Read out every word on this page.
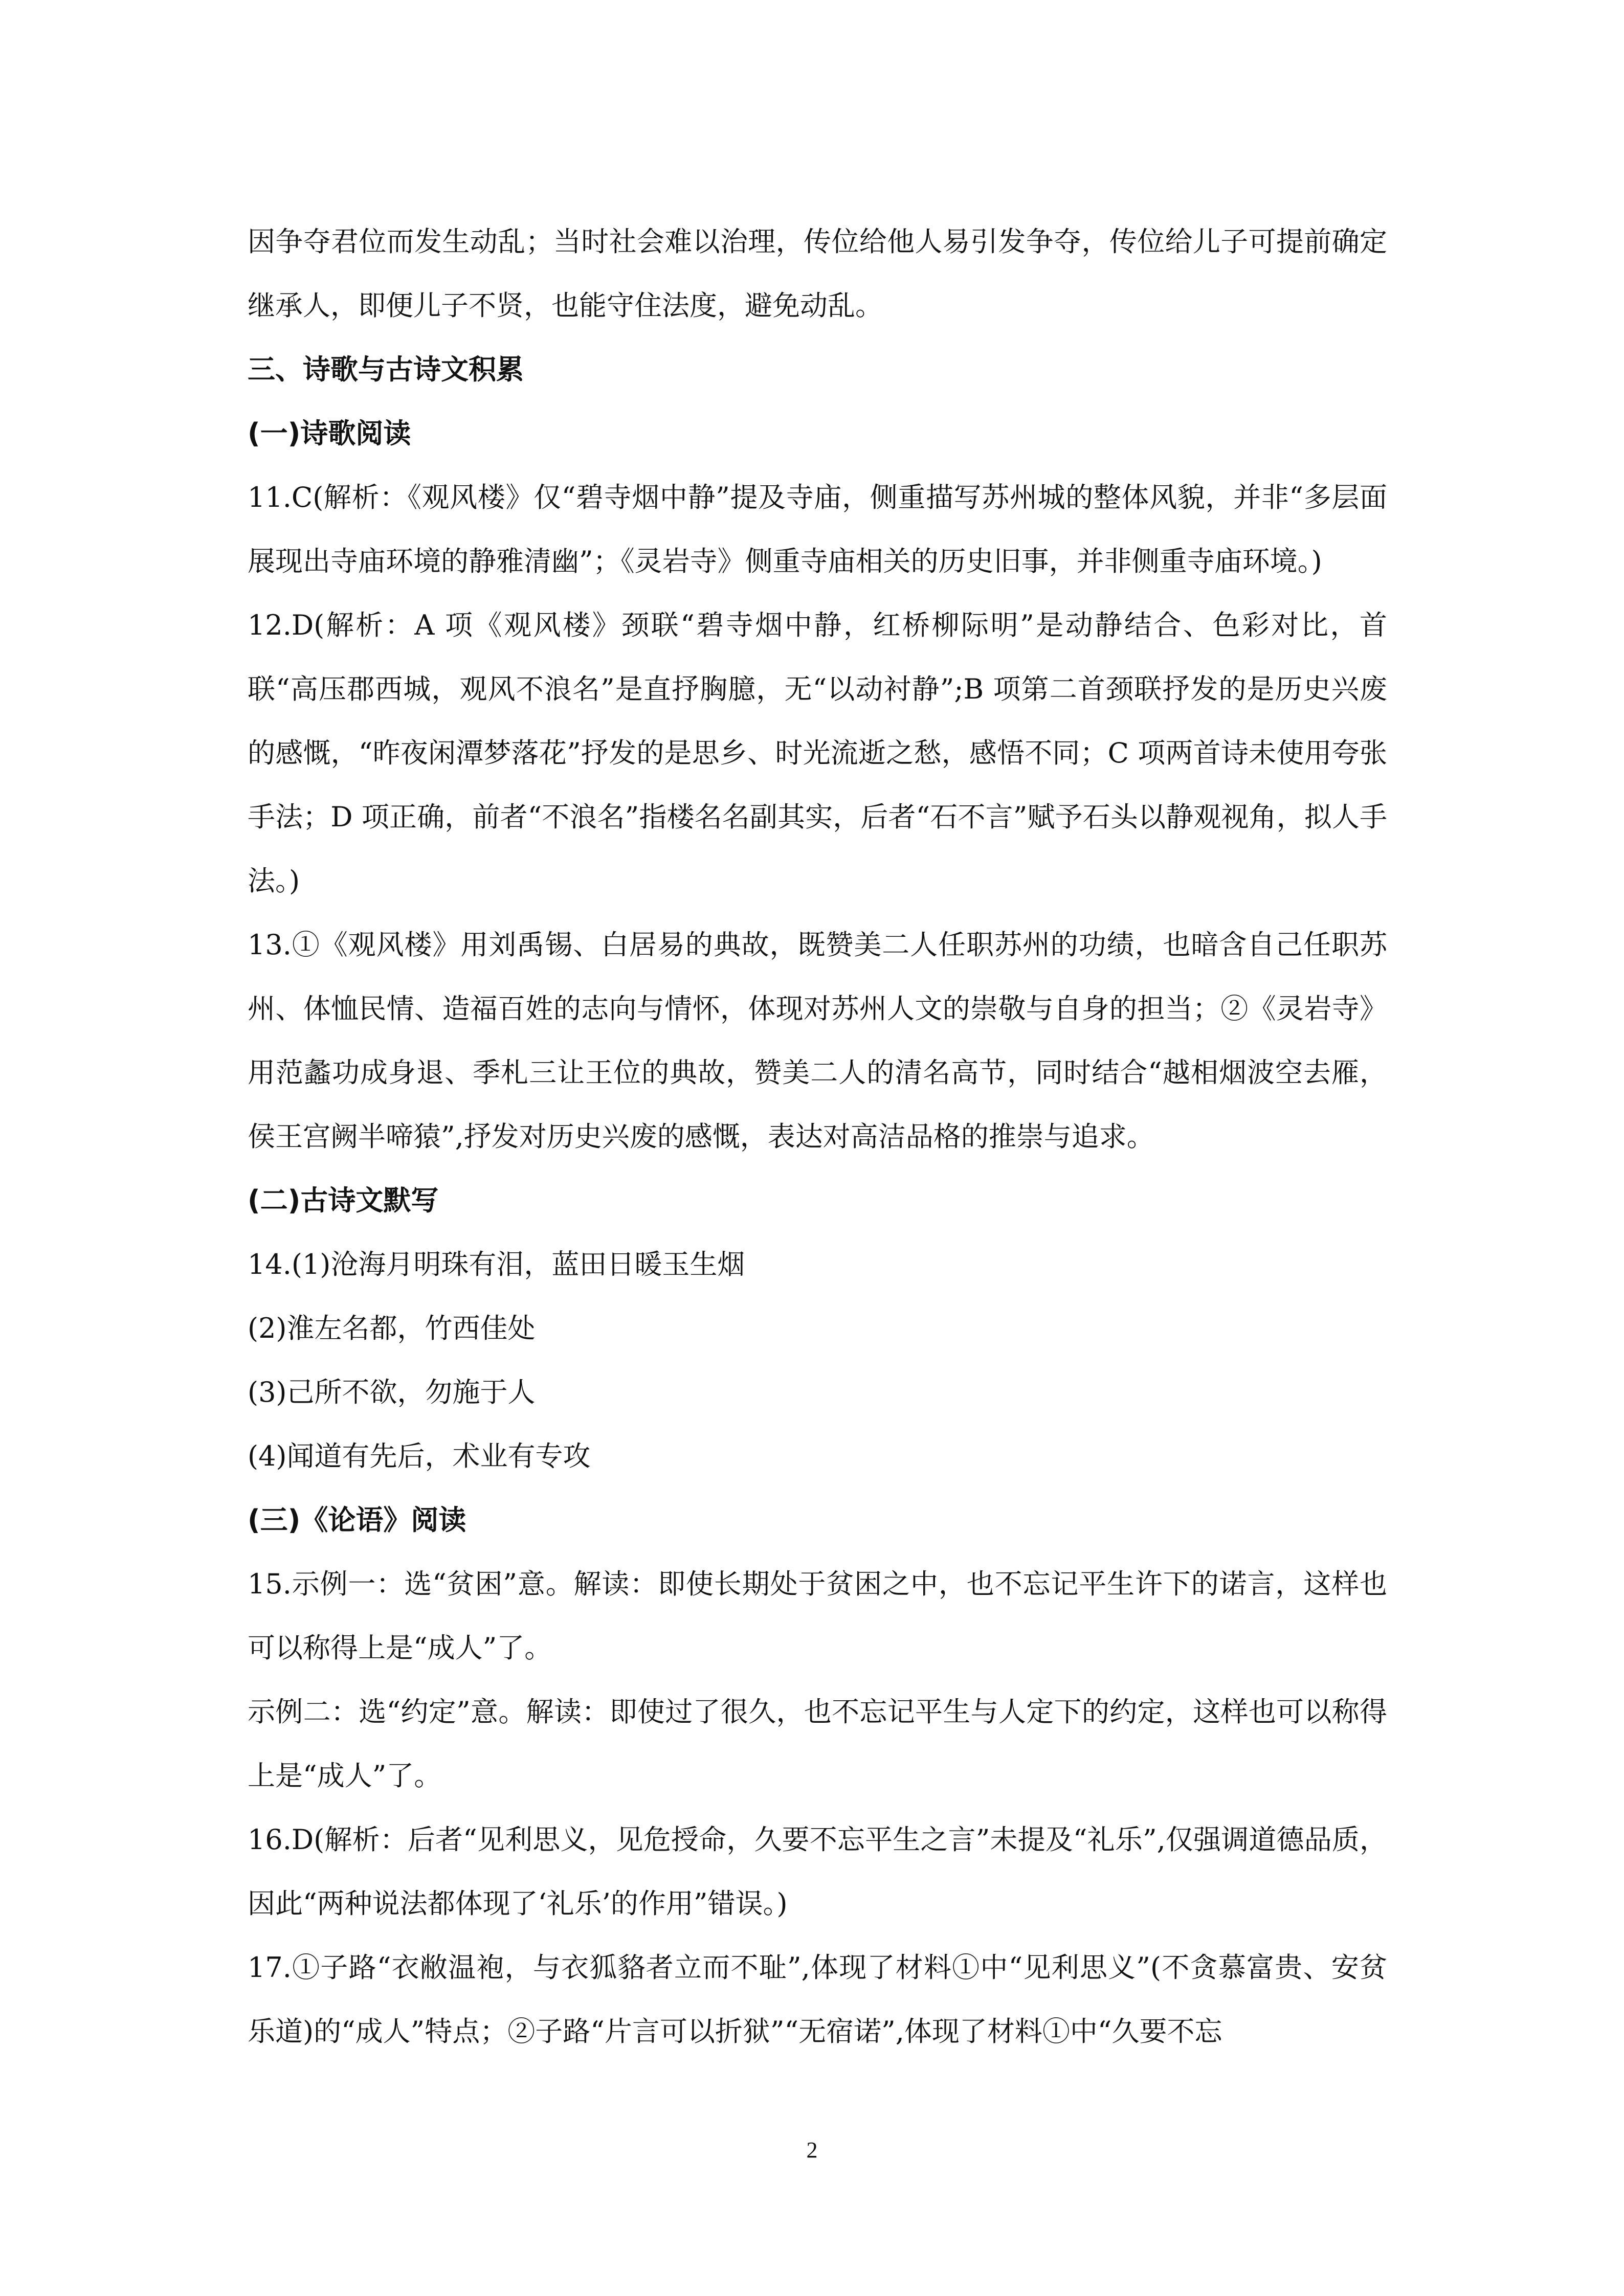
因争夺君位而发生动乱；当时社会难以治理，传位给他人易引发争夺，传位给儿子可提前确定继承人，即便儿子不贤，也能守住法度，避免动乱。

三、诗歌与古诗文积累

(一)诗歌阅读

11.C(解析：《观风楼》仅“碧寺烟中静”提及寺庙，侧重描写苏州城的整体风貌，并非“多层面展现出寺庙环境的静雅清幽”；《灵岩寺》侧重寺庙相关的历史旧事，并非侧重寺庙环境。)

12.D(解析：A 项《观风楼》颈联“碧寺烟中静，红桥柳际明”是动静结合、色彩对比，首联“高压郡西城，观风不浪名”是直抒胸臆，无“以动衬静”;B 项第二首颈联抒发的是历史兴废的感慨，“昨夜闲潭梦落花”抒发的是思乡、时光流逝之愁，感悟不同；C 项两首诗未使用夸张手法；D 项正确，前者“不浪名”指楼名名副其实，后者“石不言”赋予石头以静观视角，拟人手法。)

13.①《观风楼》用刘禹锡、白居易的典故，既赞美二人任职苏州的功绩，也暗含自己任职苏州、体恤民情、造福百姓的志向与情怀，体现对苏州人文的崇敬与自身的担当；②《灵岩寺》用范蠡功成身退、季札三让王位的典故，赞美二人的清名高节，同时结合“越相烟波空去雁，侯王宫阙半啼猿”,抒发对历史兴废的感慨，表达对高洁品格的推崇与追求。

(二)古诗文默写

14.(1)沧海月明珠有泪，蓝田日暖玉生烟

(2)淮左名都，竹西佳处

(3)己所不欲，勿施于人

(4)闻道有先后，术业有专攻

(三)《论语》阅读

15.示例一：选“贫困”意。解读：即使长期处于贫困之中，也不忘记平生许下的诺言，这样也可以称得上是“成人”了。

示例二：选“约定”意。解读：即使过了很久，也不忘记平生与人定下的约定，这样也可以称得上是“成人”了。

16.D(解析：后者“见利思义，见危授命，久要不忘平生之言”未提及“礼乐”,仅强调道德品质，因此“两种说法都体现了‘礼乐’的作用”错误。)

17.①子路“衣敝温袍，与衣狐貉者立而不耻”,体现了材料①中“见利思义”(不贪慕富贵、安贫乐道)的“成人”特点；②子路“片言可以折狱”“无宿诺”,体现了材料①中“久要不忘

2
